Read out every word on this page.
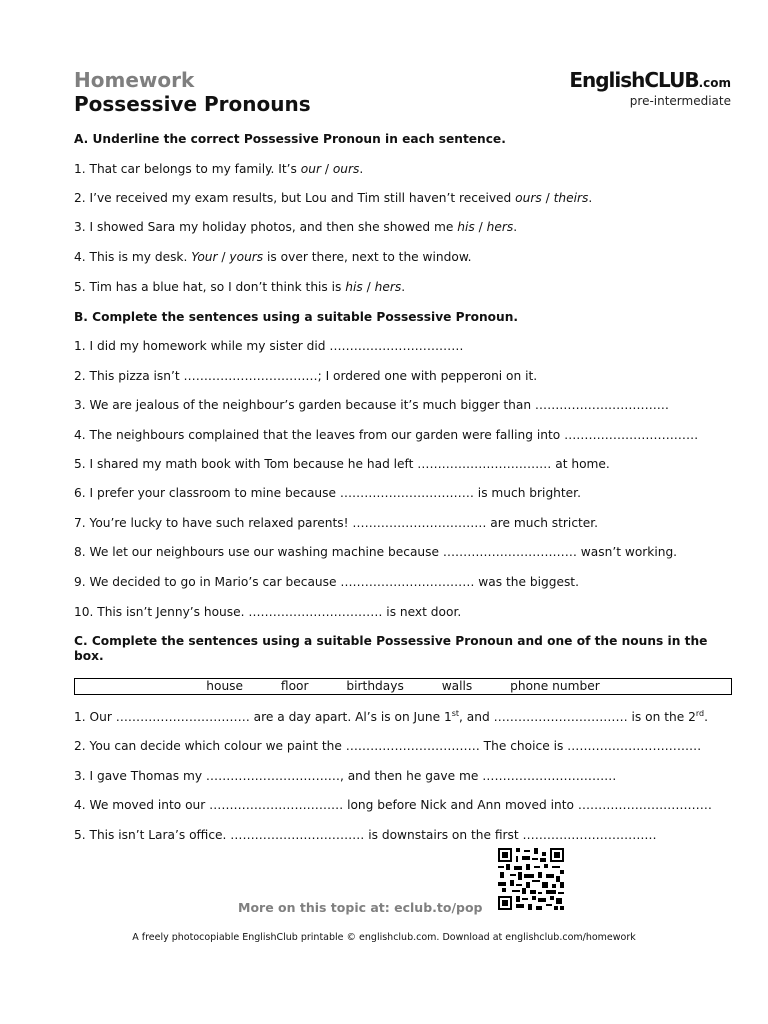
Homework
Possessive Pronouns
EnglishCLUB.com
pre-intermediate
A. Underline the correct Possessive Pronoun in each sentence.
1. That car belongs to my family. It’s our / ours.
2. I’ve received my exam results, but Lou and Tim still haven’t received ours / theirs.
3. I showed Sara my holiday photos, and then she showed me his / hers.
4. This is my desk. Your / yours is over there, next to the window.
5. Tim has a blue hat, so I don’t think this is his / hers.
B. Complete the sentences using a suitable Possessive Pronoun.
1. I did my homework while my sister did ……………………………
2. This pizza isn’t ……………………………; I ordered one with pepperoni on it.
3. We are jealous of the neighbour’s garden because it’s much bigger than ……………………………
4. The neighbours complained that the leaves from our garden were falling into ……………………………
5. I shared my math book with Tom because he had left …………………………… at home.
6. I prefer your classroom to mine because …………………………… is much brighter.
7. You’re lucky to have such relaxed parents! …………………………… are much stricter.
8. We let our neighbours use our washing machine because …………………………… wasn’t working.
9. We decided to go in Mario’s car because …………………………… was the biggest.
10. This isn’t Jenny’s house. …………………………… is next door.
C. Complete the sentences using a suitable Possessive Pronoun and one of the nouns in the box.
house	floor	birthdays	walls	phone number
1. Our …………………………… are a day apart. Al’s is on June 1st, and …………………………… is on the 2rd.
2. You can decide which colour we paint the …………………………… The choice is ……………………………
3. I gave Thomas my ……………………………, and then he gave me ……………………………
4. We moved into our …………………………… long before Nick and Ann moved into ……………………………
5. This isn’t Lara’s office. …………………………… is downstairs on the first ……………………………
More on this topic at: eclub.to/pop
A freely photocopiable EnglishClub printable © englishclub.com. Download at englishclub.com/homework
